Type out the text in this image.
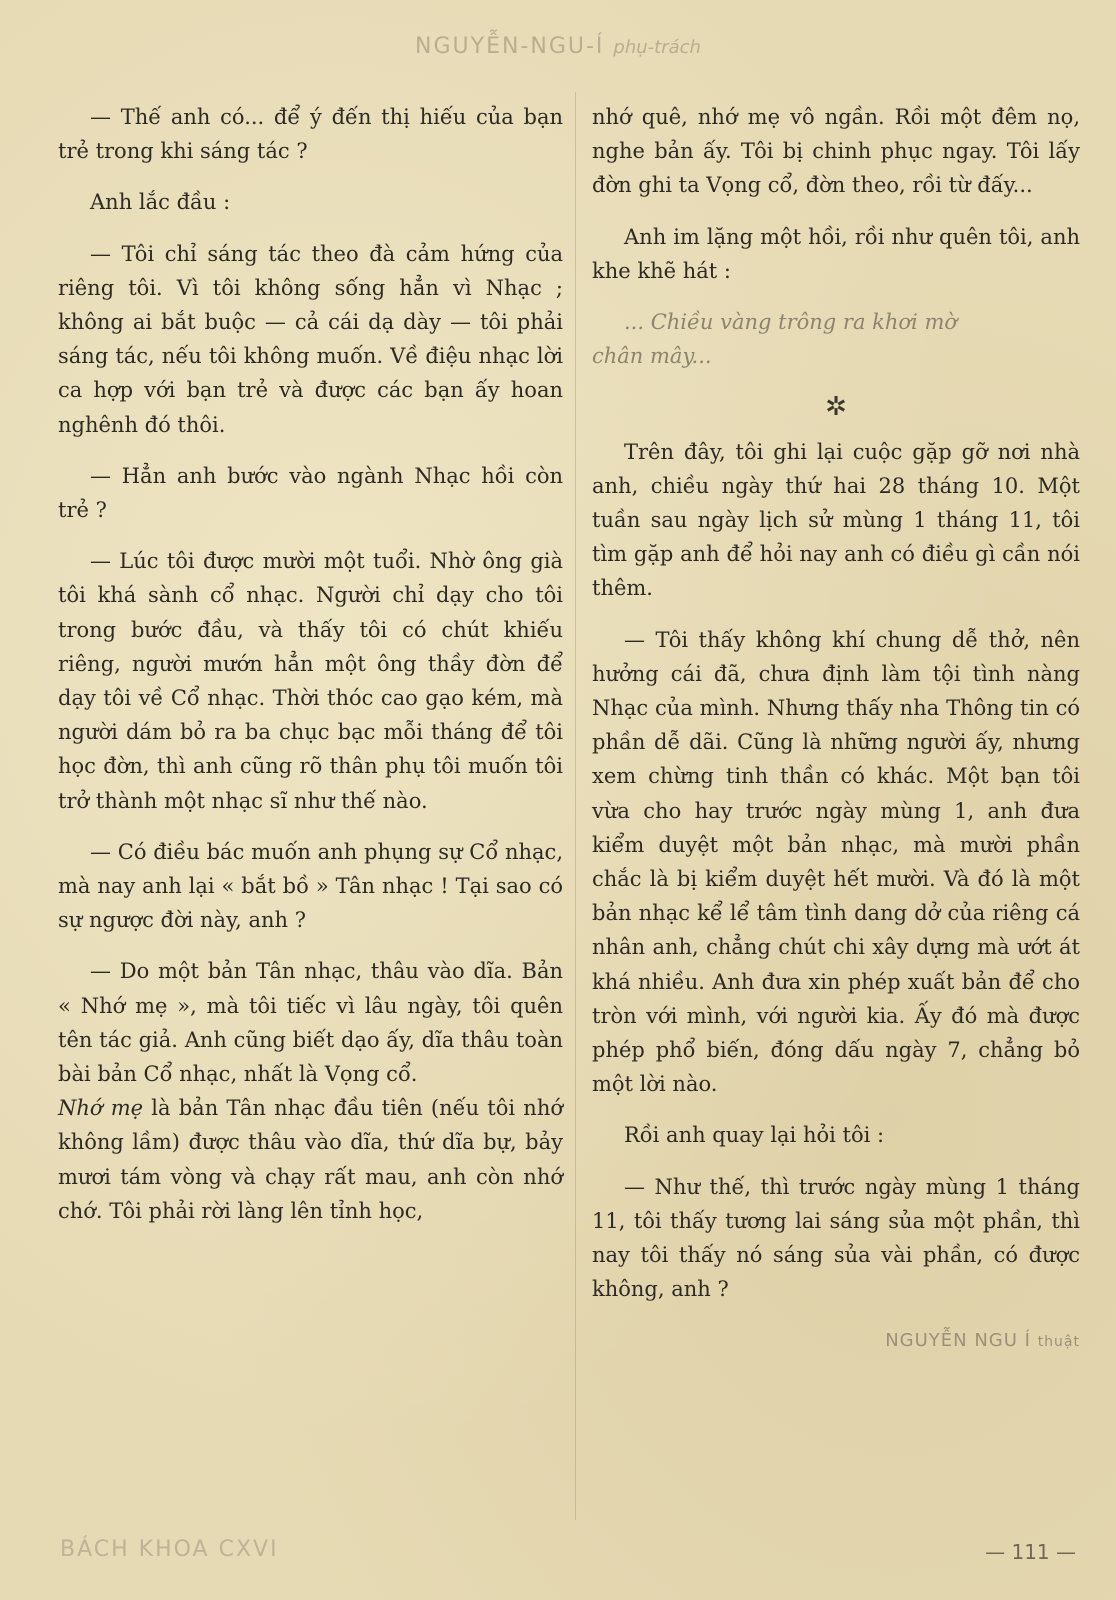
NGUYỄN-NGU-Í phụ-trách

— Thế anh có... để ý đến thị hiếu của bạn trẻ trong khi sáng tác ?

Anh lắc đầu :

— Tôi chỉ sáng tác theo đà cảm hứng của riêng tôi. Vì tôi không sống hẳn vì Nhạc ; không ai bắt buộc — cả cái dạ dày — tôi phải sáng tác, nếu tôi không muốn. Về điệu nhạc lời ca hợp với bạn trẻ và được các bạn ấy hoan nghênh đó thôi.

— Hẳn anh bước vào ngành Nhạc hồi còn trẻ ?

— Lúc tôi được mười một tuổi. Nhờ ông già tôi khá sành cổ nhạc. Người chỉ dạy cho tôi trong bước đầu, và thấy tôi có chút khiếu riêng, người mướn hẳn một ông thầy đờn để dạy tôi về Cổ nhạc. Thời thóc cao gạo kém, mà người dám bỏ ra ba chục bạc mỗi tháng để tôi học đờn, thì anh cũng rõ thân phụ tôi muốn tôi trở thành một nhạc sĩ như thế nào.

— Có điều bác muốn anh phụng sự Cổ nhạc, mà nay anh lại « bắt bồ » Tân nhạc ! Tại sao có sự ngược đời này, anh ?

— Do một bản Tân nhạc, thâu vào dĩa. Bản « Nhớ mẹ », mà tôi tiếc vì lâu ngày, tôi quên tên tác giả. Anh cũng biết dạo ấy, dĩa thâu toàn bài bản Cổ nhạc, nhất là Vọng cổ.

Nhớ mẹ là bản Tân nhạc đầu tiên (nếu tôi nhớ không lầm) được thâu vào dĩa, thứ dĩa bự, bảy mươi tám vòng và chạy rất mau, anh còn nhớ chớ. Tôi phải rời làng lên tỉnh học,

nhớ quê, nhớ mẹ vô ngần. Rồi một đêm nọ, nghe bản ấy. Tôi bị chinh phục ngay. Tôi lấy đờn ghi ta Vọng cổ, đờn theo, rồi từ đấy...

Anh im lặng một hồi, rồi như quên tôi, anh khe khẽ hát :

... Chiều vàng trông ra khơi mờ

chân mây...

✲

Trên đây, tôi ghi lại cuộc gặp gỡ nơi nhà anh, chiều ngày thứ hai 28 tháng 10. Một tuần sau ngày lịch sử mùng 1 tháng 11, tôi tìm gặp anh để hỏi nay anh có điều gì cần nói thêm.

— Tôi thấy không khí chung dễ thở, nên hưởng cái đã, chưa định làm tội tình nàng Nhạc của mình. Nhưng thấy nha Thông tin có phần dễ dãi. Cũng là những người ấy, nhưng xem chừng tinh thần có khác. Một bạn tôi vừa cho hay trước ngày mùng 1, anh đưa kiểm duyệt một bản nhạc, mà mười phần chắc là bị kiểm duyệt hết mười. Và đó là một bản nhạc kể lể tâm tình dang dở của riêng cá nhân anh, chẳng chút chi xây dựng mà ướt át khá nhiều. Anh đưa xin phép xuất bản để cho tròn với mình, với người kia. Ấy đó mà được phép phổ biến, đóng dấu ngày 7, chẳng bỏ một lời nào.

Rồi anh quay lại hỏi tôi :

— Như thế, thì trước ngày mùng 1 tháng 11, tôi thấy tương lai sáng sủa một phần, thì nay tôi thấy nó sáng sủa vài phần, có được không, anh ?

NGUYỄN NGU Í thuật
BÁCH KHOA CXVI	— 111 —
